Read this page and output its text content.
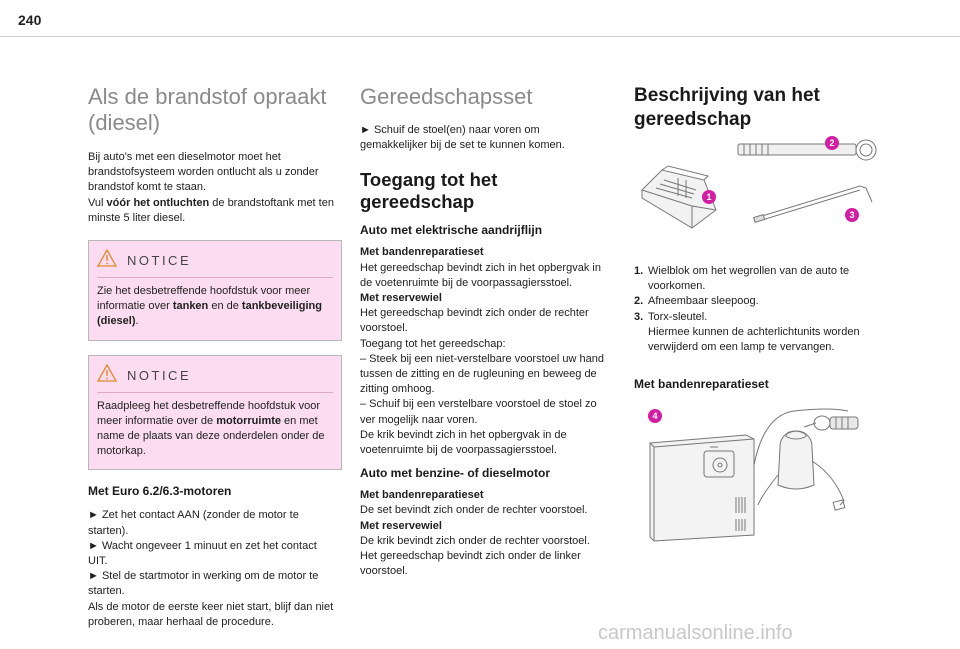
240
Als de brandstof opraakt
(diesel)

Bij auto's met een dieselmotor moet het
brandstofsysteem worden ontlucht als u zonder
brandstof komt te staan.
Vul vóór het ontluchten de brandstoftank met ten
minste 5 liter diesel.

NOTICE

Zie het desbetreffende hoofdstuk voor meer
informatie over tanken en de tankbeveiliging
(diesel).

NOTICE

Raadpleeg het desbetreffende hoofdstuk voor
meer informatie over de motorruimte en met
name de plaats van deze onderdelen onder de
motorkap.

Met Euro 6.2/6.3-motoren

► Zet het contact AAN (zonder de motor te
starten).
► Wacht ongeveer 1 minuut en zet het contact
UIT.
► Stel de startmotor in werking om de motor te
starten.
Als de motor de eerste keer niet start, blijf dan niet
proberen, maar herhaal de procedure.

Gereedschapsset

► Schuif de stoel(en) naar voren om
gemakkelijker bij de set te kunnen komen.

Toegang tot het gereedschap
Auto met elektrische aandrijflijn

Met bandenreparatieset
Het gereedschap bevindt zich in het opbergvak in
de voetenruimte bij de voorpassagiersstoel.
Met reservewiel
Het gereedschap bevindt zich onder de rechter
voorstoel.
Toegang tot het gereedschap:
– Steek bij een niet-verstelbare voorstoel uw hand
tussen de zitting en de rugleuning en beweeg de
zitting omhoog.
– Schuif bij een verstelbare voorstoel de stoel zo
ver mogelijk naar voren.
De krik bevindt zich in het opbergvak in de
voetenruimte bij de voorpassagiersstoel.

Auto met benzine- of dieselmotor

Met bandenreparatieset
De set bevindt zich onder de rechter voorstoel.
Met reservewiel
De krik bevindt zich onder de rechter voorstoel.
Het gereedschap bevindt zich onder de linker
voorstoel.

Beschrijving van het
gereedschap
1
2
3
1. Wielblok om het wegrollen van de auto te
voorkomen.
2. Afneembaar sleepoog.
3. Torx-sleutel.
Hiermee kunnen de achterlichtunits worden
verwijderd om een lamp te vervangen.
Met bandenreparatieset
4
carmanualsonline.info
